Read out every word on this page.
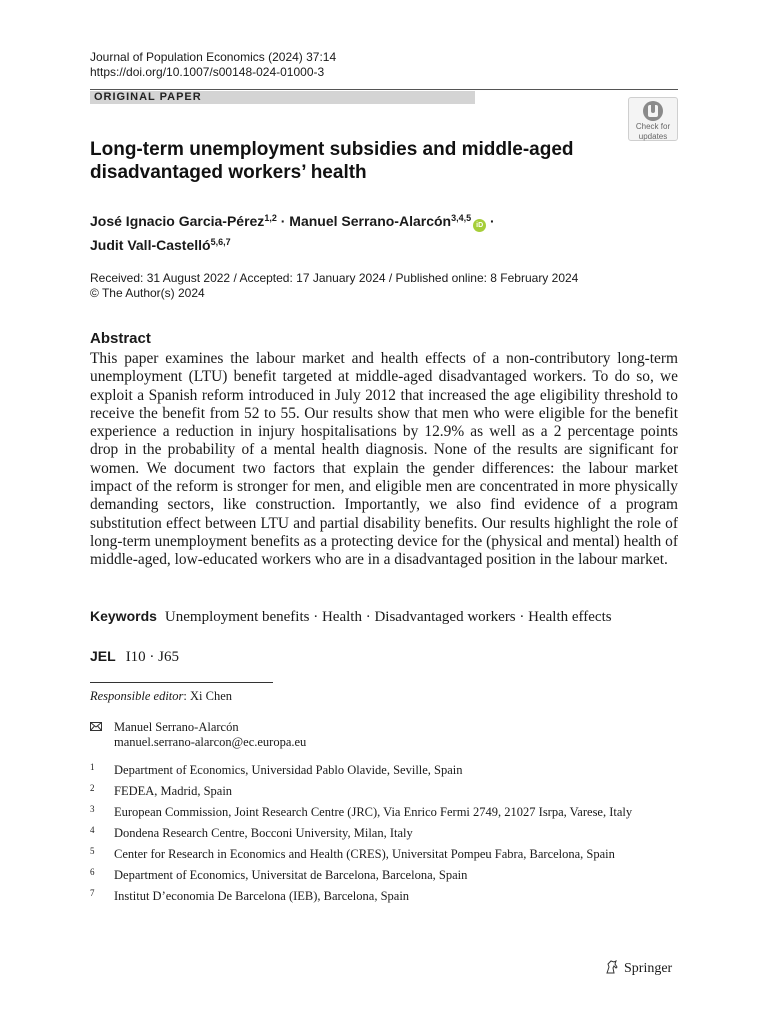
Journal of Population Economics (2024) 37:14
https://doi.org/10.1007/s00148-024-01000-3
ORIGINAL PAPER
Check for
updates
Long-term unemployment subsidies and middle-aged disadvantaged workers’ health
José Ignacio Garcia-Pérez$^{1,2}$ · Manuel Serrano-Alarcón$^{3,4,5}$iD ·
Judit Vall-Castelló$^{5,6,7}$
Received: 31 August 2022 / Accepted: 17 January 2024 / Published online: 8 February 2024
© The Author(s) 2024
Abstract
This paper examines the labour market and health effects of a non-contributory long-term unemployment (LTU) benefit targeted at middle-aged disadvantaged workers. To do so, we exploit a Spanish reform introduced in July 2012 that increased the age eligibility threshold to receive the benefit from 52 to 55. Our results show that men who were eligible for the benefit experience a reduction in injury hospitalisations by 12.9% as well as a 2 percentage points drop in the probability of a mental health diagnosis. None of the results are significant for women. We document two factors that explain the gender differences: the labour market impact of the reform is stronger for men, and eligible men are concentrated in more physically demanding sectors, like construction. Importantly, we also find evidence of a program substitution effect between LTU and partial disability benefits. Our results highlight the role of long-term unemployment benefits as a protecting device for the (physical and mental) health of middle-aged, low-educated workers who are in a disadvantaged position in the labour market.
Keywords Unemployment benefits · Health · Disadvantaged workers · Health effects
JEL I10 · J65
Responsible editor: Xi Chen
Manuel Serrano-Alarcón
manuel.serrano-alarcon@ec.europa.eu
1 Department of Economics, Universidad Pablo Olavide, Seville, Spain
2 FEDEA, Madrid, Spain
3 European Commission, Joint Research Centre (JRC), Via Enrico Fermi 2749, 21027 Isrpa, Varese, Italy
4 Dondena Research Centre, Bocconi University, Milan, Italy
5 Center for Research in Economics and Health (CRES), Universitat Pompeu Fabra, Barcelona, Spain
6 Department of Economics, Universitat de Barcelona, Barcelona, Spain
7 Institut D’economia De Barcelona (IEB), Barcelona, Spain
Springer
